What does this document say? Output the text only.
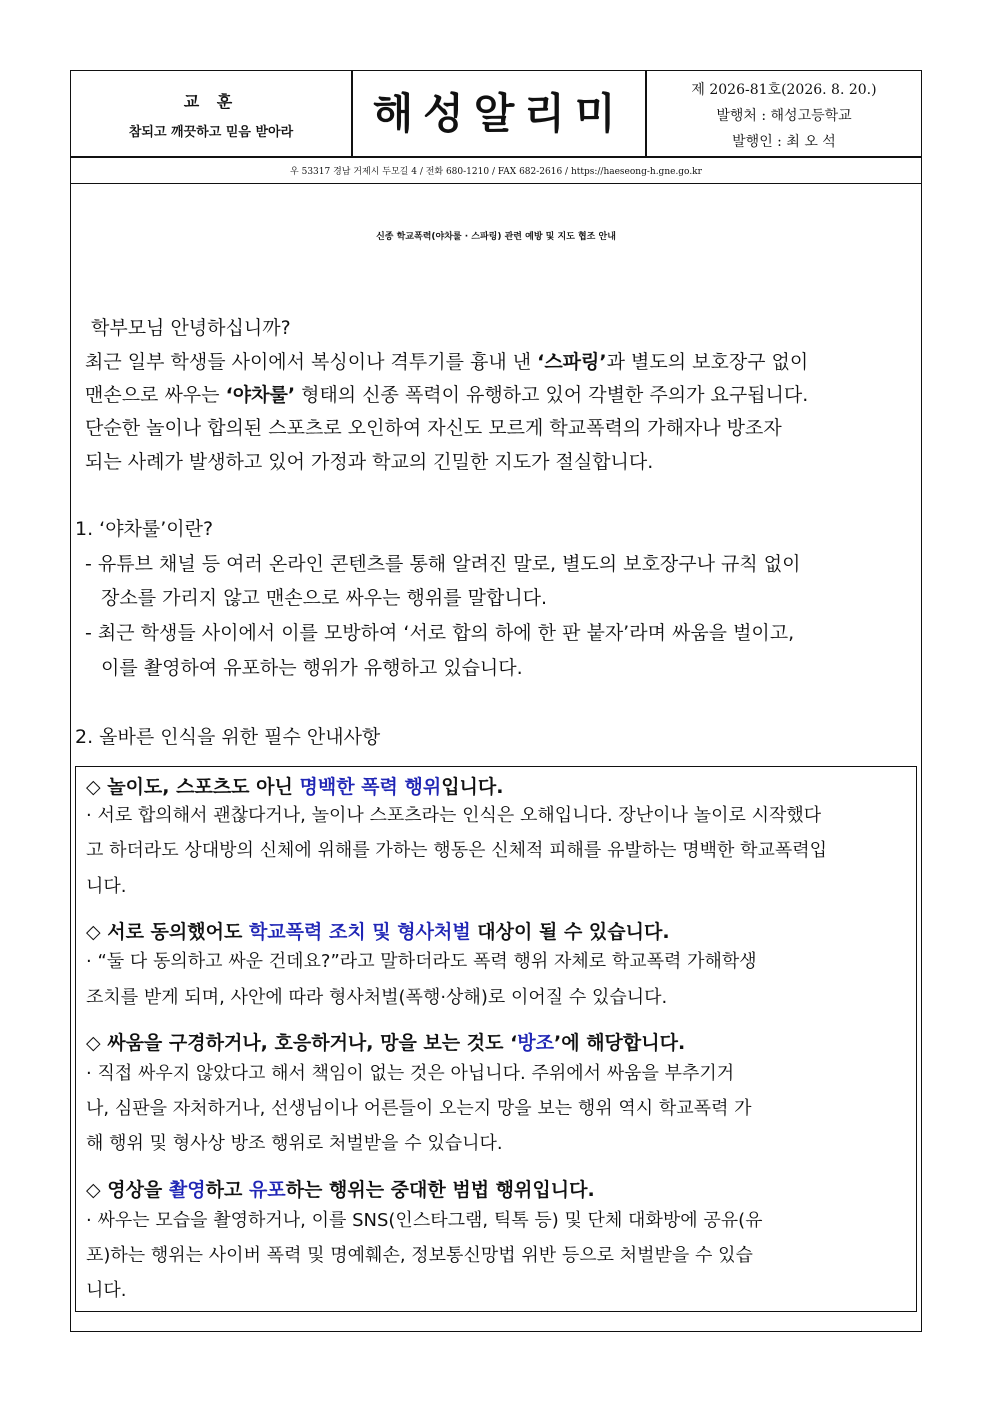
교 훈
참되고 깨끗하고 믿음 받아라	해성알리미	제 2026-81호(2026. 8. 20.)
발행처 : 해성고등학교
발행인 : 최 오 석
우 53317 경남 거제시 두모길 4 / 전화 680-1210 / FAX 682-2616 / https://haeseong-h.gne.go.kr
신종 학교폭력(야차룰 · 스파링) 관련 예방 및 지도 협조 안내
학부모님 안녕하십니까?
최근 일부 학생들 사이에서 복싱이나 격투기를 흉내 낸 ‘스파링’과 별도의 보호장구 없이
맨손으로 싸우는 ‘야차룰’ 형태의 신종 폭력이 유행하고 있어 각별한 주의가 요구됩니다.
단순한 놀이나 합의된 스포츠로 오인하여 자신도 모르게 학교폭력의 가해자나 방조자
되는 사례가 발생하고 있어 가정과 학교의 긴밀한 지도가 절실합니다.
1. ‘야차룰’이란?
- 유튜브 채널 등 여러 온라인 콘텐츠를 통해 알려진 말로, 별도의 보호장구나 규칙 없이
장소를 가리지 않고 맨손으로 싸우는 행위를 말합니다.
- 최근 학생들 사이에서 이를 모방하여 ‘서로 합의 하에 한 판 붙자’라며 싸움을 벌이고,
이를 촬영하여 유포하는 행위가 유행하고 있습니다.
2. 올바른 인식을 위한 필수 안내사항
◇ 놀이도, 스포츠도 아닌 명백한 폭력 행위입니다.
· 서로 합의해서 괜찮다거나, 놀이나 스포츠라는 인식은 오해입니다. 장난이나 놀이로 시작했다
고 하더라도 상대방의 신체에 위해를 가하는 행동은 신체적 피해를 유발하는 명백한 학교폭력입
니다.
◇ 서로 동의했어도 학교폭력 조치 및 형사처벌 대상이 될 수 있습니다.
· “둘 다 동의하고 싸운 건데요?”라고 말하더라도 폭력 행위 자체로 학교폭력 가해학생
조치를 받게 되며, 사안에 따라 형사처벌(폭행·상해)로 이어질 수 있습니다.
◇ 싸움을 구경하거나, 호응하거나, 망을 보는 것도 ‘방조’에 해당합니다.
· 직접 싸우지 않았다고 해서 책임이 없는 것은 아닙니다. 주위에서 싸움을 부추기거
나, 심판을 자처하거나, 선생님이나 어른들이 오는지 망을 보는 행위 역시 학교폭력 가
해 행위 및 형사상 방조 행위로 처벌받을 수 있습니다.
◇ 영상을 촬영하고 유포하는 행위는 중대한 범법 행위입니다.
· 싸우는 모습을 촬영하거나, 이를 SNS(인스타그램, 틱톡 등) 및 단체 대화방에 공유(유
포)하는 행위는 사이버 폭력 및 명예훼손, 정보통신망법 위반 등으로 처벌받을 수 있습
니다.
